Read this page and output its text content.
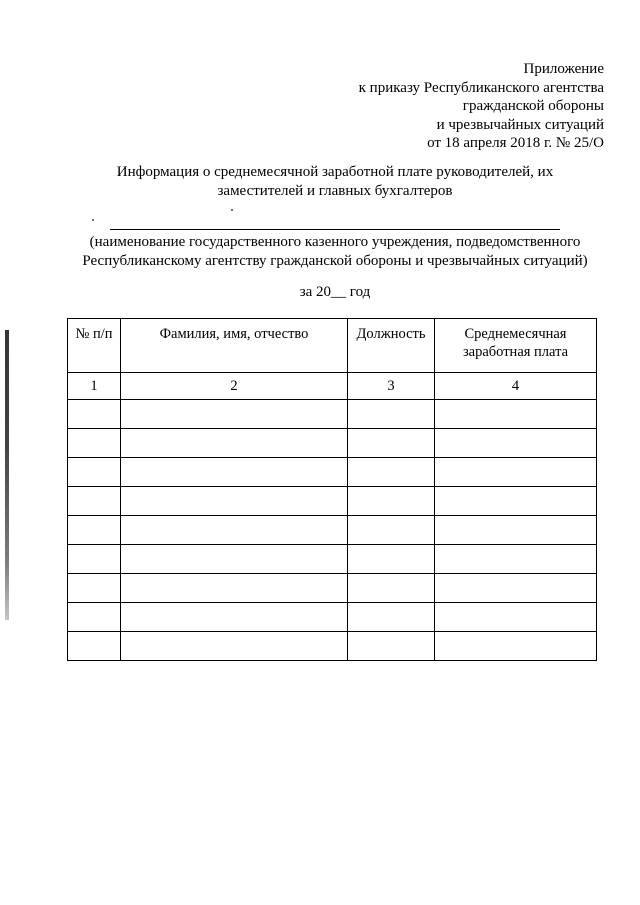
Приложение
к приказу Республиканского агентства
гражданской обороны
и чрезвычайных ситуаций
от 18 апреля 2018 г. № 25/О
Информация о среднемесячной заработной плате руководителей, их
заместителей и главных бухгалтеров
(наименование государственного казенного учреждения, подведомственного
Республиканскому агентству гражданской обороны и чрезвычайных ситуаций)
за 20__ год
№ п/п	Фамилия, имя, отчество	Должность	Среднемесячная заработная плата
1	2	3	4
